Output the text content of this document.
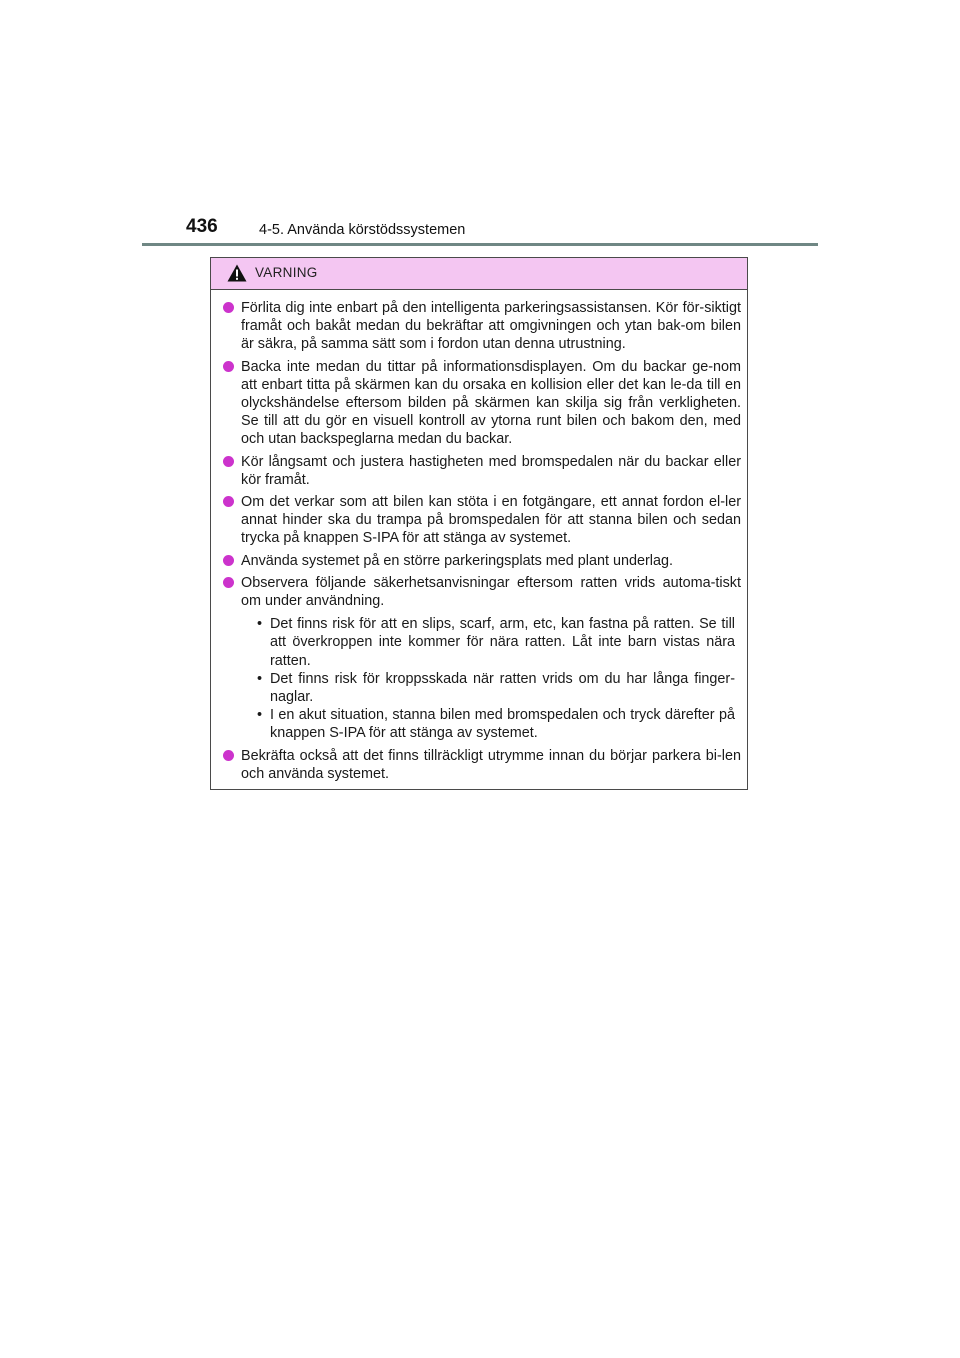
436	4-5. Använda körstödssystemen
VARNING
Förlita dig inte enbart på den intelligenta parkeringsassistansen. Kör för-siktigt framåt och bakåt medan du bekräftar att omgivningen och ytan bak-om bilen är säkra, på samma sätt som i fordon utan denna utrustning.
Backa inte medan du tittar på informationsdisplayen. Om du backar ge-nom att enbart titta på skärmen kan du orsaka en kollision eller det kan le-da till en olyckshändelse eftersom bilden på skärmen kan skilja sig från verkligheten. Se till att du gör en visuell kontroll av ytorna runt bilen och bakom den, med och utan backspeglarna medan du backar.
Kör långsamt och justera hastigheten med bromspedalen när du backar eller kör framåt.
Om det verkar som att bilen kan stöta i en fotgängare, ett annat fordon el-ler annat hinder ska du trampa på bromspedalen för att stanna bilen och sedan trycka på knappen S-IPA för att stänga av systemet.
Använda systemet på en större parkeringsplats med plant underlag.
Observera följande säkerhetsanvisningar eftersom ratten vrids automa-tiskt om under användning.
• Det finns risk för att en slips, scarf, arm, etc, kan fastna på ratten. Se till att överkroppen inte kommer för nära ratten. Låt inte barn vistas nära ratten.
• Det finns risk för kroppsskada när ratten vrids om du har långa finger-naglar.
• I en akut situation, stanna bilen med bromspedalen och tryck därefter på knappen S-IPA för att stänga av systemet.
Bekräfta också att det finns tillräckligt utrymme innan du börjar parkera bi-len och använda systemet.
